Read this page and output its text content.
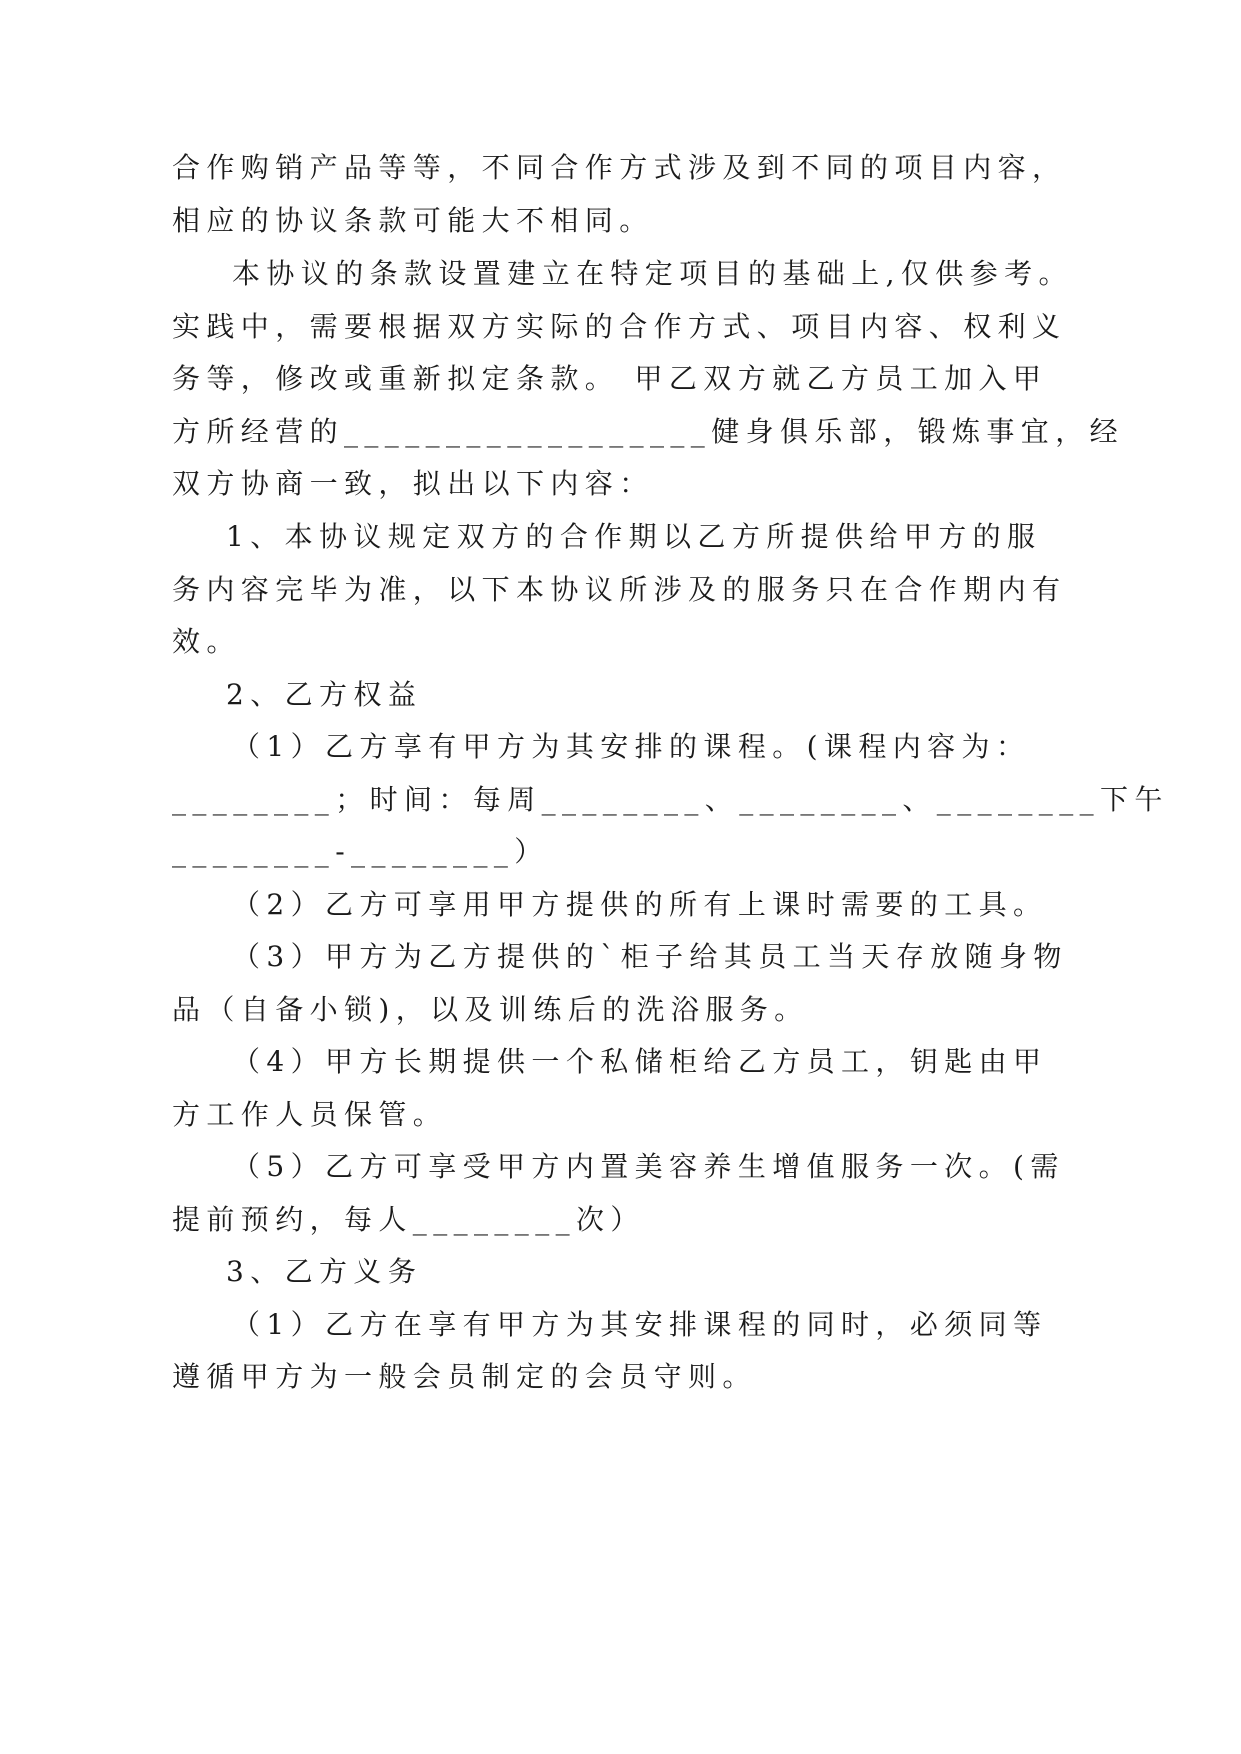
合作购销产品等等，不同合作方式涉及到不同的项目内容，
相应的协议条款可能大不相同。
本协议的条款设置建立在特定项目的基础上,仅供参考。
实践中，需要根据双方实际的合作方式、项目内容、权利义
务等，修改或重新拟定条款。 甲乙双方就乙方员工加入甲
方所经营的__________________健身俱乐部，锻炼事宜，经
双方协商一致，拟出以下内容：
1、本协议规定双方的合作期以乙方所提供给甲方的服
务内容完毕为准，以下本协议所涉及的服务只在合作期内有
效。
2、乙方权益
（1）乙方享有甲方为其安排的课程。(课程内容为：
________；时间：每周________、________、________下午
________-________）
（2）乙方可享用甲方提供的所有上课时需要的工具。
（3）甲方为乙方提供的`柜子给其员工当天存放随身物
品（自备小锁)，以及训练后的洗浴服务。
（4）甲方长期提供一个私储柜给乙方员工，钥匙由甲
方工作人员保管。
（5）乙方可享受甲方内置美容养生增值服务一次。(需
提前预约，每人________次）
3、乙方义务
（1）乙方在享有甲方为其安排课程的同时，必须同等
遵循甲方为一般会员制定的会员守则。
